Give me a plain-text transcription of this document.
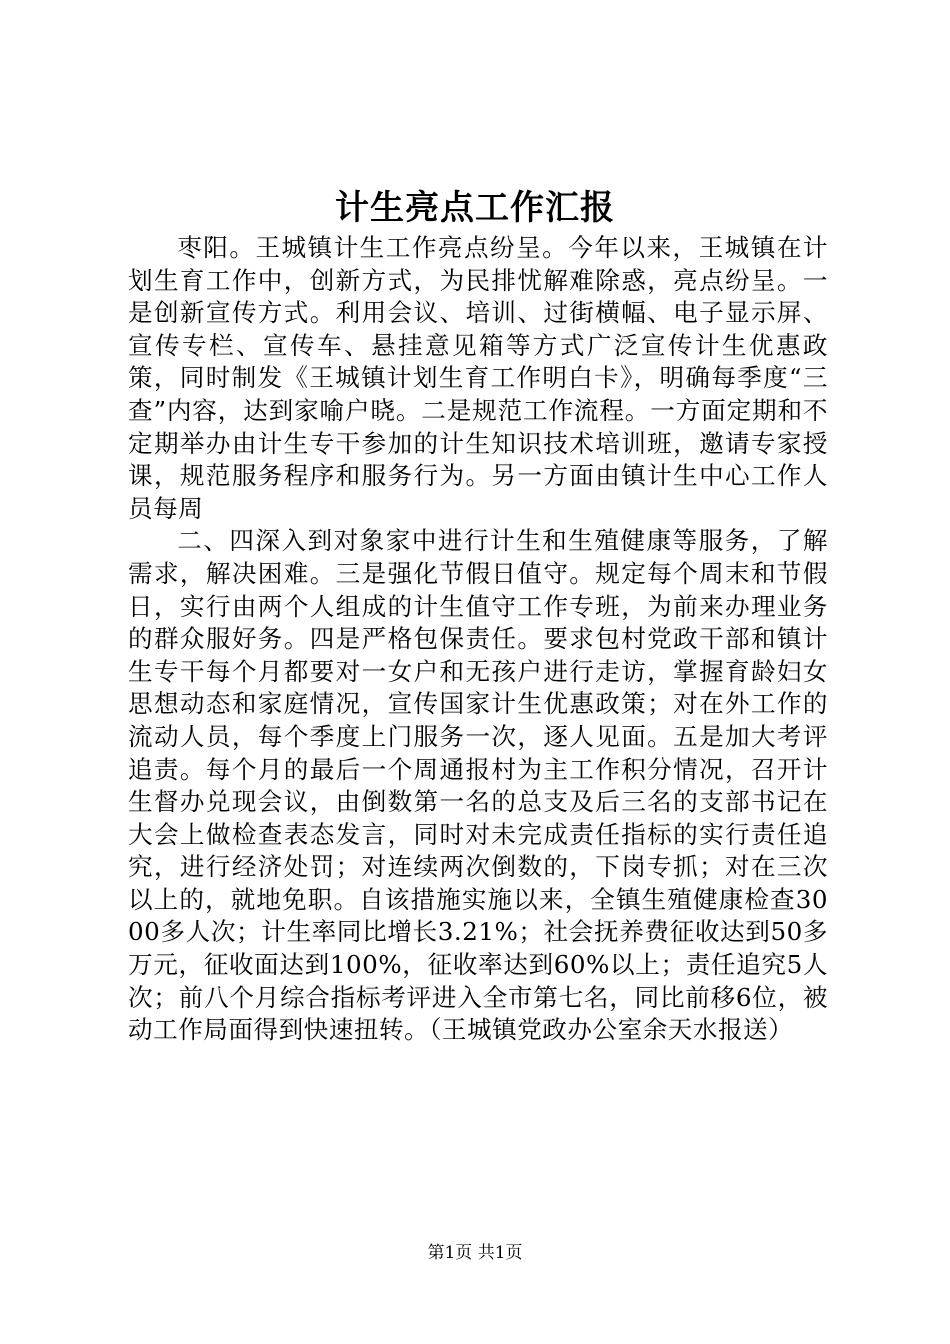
计生亮点工作汇报

枣阳。王城镇计生工作亮点纷呈。今年以来，王城镇在计划生育工作中，创新方式，为民排忧解难除惑，亮点纷呈。一是创新宣传方式。利用会议、培训、过街横幅、电子显示屏、宣传专栏、宣传车、悬挂意见箱等方式广泛宣传计生优惠政策，同时制发《王城镇计划生育工作明白卡》，明确每季度“三查”内容，达到家喻户晓。二是规范工作流程。一方面定期和不定期举办由计生专干参加的计生知识技术培训班，邀请专家授课，规范服务程序和服务行为。另一方面由镇计生中心工作人员每周

二、四深入到对象家中进行计生和生殖健康等服务，了解需求，解决困难。三是强化节假日值守。规定每个周末和节假日，实行由两个人组成的计生值守工作专班，为前来办理业务的群众服好务。四是严格包保责任。要求包村党政干部和镇计生专干每个月都要对一女户和无孩户进行走访，掌握育龄妇女思想动态和家庭情况，宣传国家计生优惠政策；对在外工作的流动人员，每个季度上门服务一次，逐人见面。五是加大考评追责。每个月的最后一个周通报村为主工作积分情况，召开计生督办兑现会议，由倒数第一名的总支及后三名的支部书记在大会上做检查表态发言，同时对未完成责任指标的实行责任追究，进行经济处罚；对连续两次倒数的，下岗专抓；对在三次以上的，就地免职。自该措施实施以来，全镇生殖健康检查3000多人次；计生率同比增长3.21%；社会抚养费征收达到50多万元，征收面达到100%，征收率达到60%以上；责任追究5人次；前八个月综合指标考评进入全市第七名，同比前移6位，被动工作局面得到快速扭转。（王城镇党政办公室余天水报送）

第1页 共1页
